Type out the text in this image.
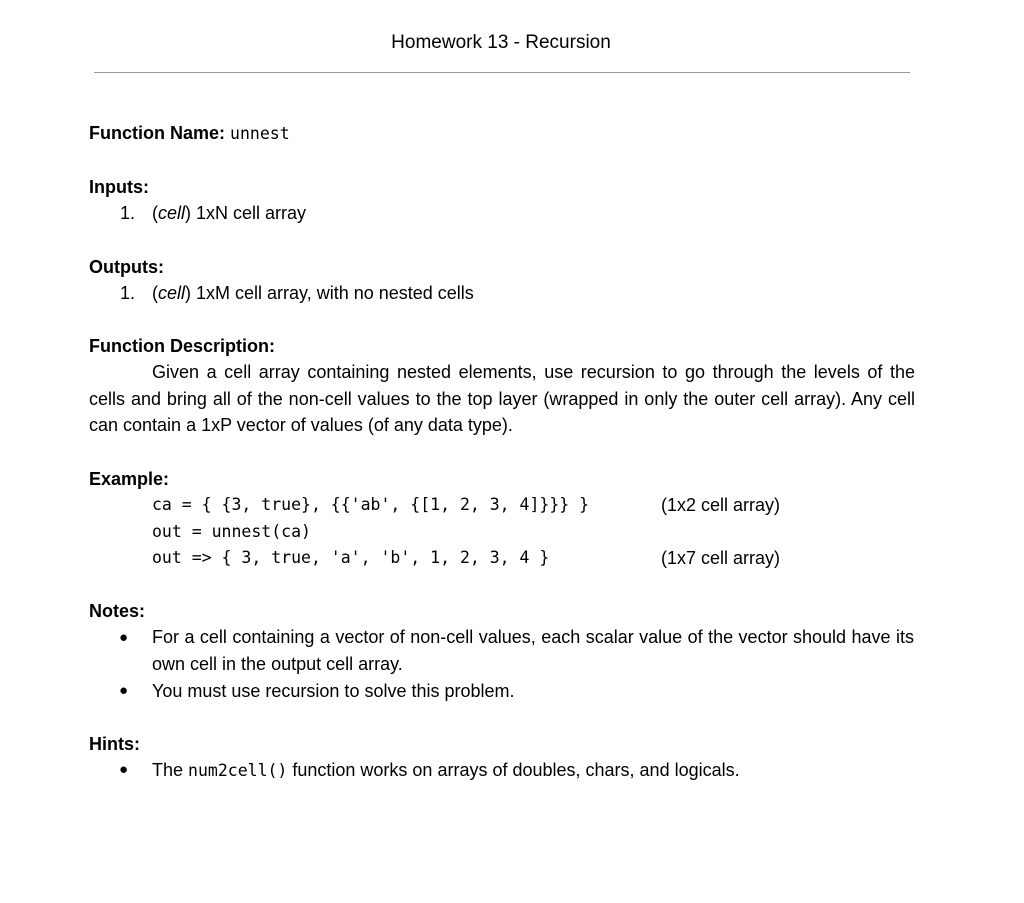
Homework 13 - Recursion
Function Name: unnest
Inputs:
1. (cell) 1xN cell array
Outputs:
1. (cell) 1xM cell array, with no nested cells
Function Description:
Given a cell array containing nested elements, use recursion to go through the levels of the cells and bring all of the non-cell values to the top layer (wrapped in only the outer cell array). Any cell can contain a 1xP vector of values (of any data type).
Example:
ca = { {3, true}, {{'ab', {[1, 2, 3, 4]}}} }	(1x2 cell array)
out = unnest(ca)
out => { 3, true, 'a', 'b', 1, 2, 3, 4 }	(1x7 cell array)
Notes:
● For a cell containing a vector of non-cell values, each scalar value of the vector should have its own cell in the output cell array.
● You must use recursion to solve this problem.
Hints:
● The num2cell() function works on arrays of doubles, chars, and logicals.
